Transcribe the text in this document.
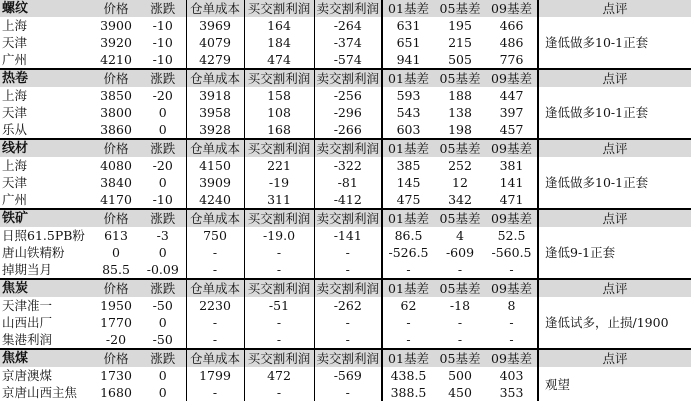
螺纹	价格	涨跌	仓单成本	买交割利润	卖交割利润	01基差	05基差	09基差	点评
上海	3900	-10	3969	164	-264	631	195	466	逢低做多10-1正套
天津	3920	-10	4079	184	-374	651	215	486	
广州	4210	-10	4279	474	-574	941	505	776	
热卷	价格	涨跌	仓单成本	买交割利润	卖交割利润	01基差	05基差	09基差	点评
上海	3850	-20	3918	158	-256	593	188	447	逢低做多10-1正套
天津	3800	0	3958	108	-296	543	138	397	
乐从	3860	0	3928	168	-266	603	198	457	
线材	价格	涨跌	仓单成本	买交割利润	卖交割利润	01基差	05基差	09基差	点评
上海	4080	-20	4150	221	-322	385	252	381	逢低做多10-1正套
天津	3840	0	3909	-19	-81	145	12	141	
广州	4170	-10	4240	311	-412	475	342	471	
铁矿	价格	涨跌	仓单成本	买交割利润	卖交割利润	01基差	05基差	09基差	点评
日照61.5PB粉	613	-3	750	-19.0	-141	86.5	4	52.5	逢低9-1正套
唐山铁精粉	0	0	-	-	-	-526.5	-609	-560.5	
掉期当月	85.5	-0.09	-	-	-	-	-	-	
焦炭	价格	涨跌	仓单成本	买交割利润	卖交割利润	01基差	05基差	09基差	点评
天津准一	1950	-50	2230	-51	-262	62	-18	8	逢低试多，止损/1900
山西出厂	1770	0	-	-	-	-	-	-	
集港利润	-20	-50	-	-	-	-	-	-	
焦煤	价格	涨跌	仓单成本	买交割利润	卖交割利润	01基差	05基差	09基差	点评
京唐澳煤	1730	0	1799	472	-569	438.5	500	403	观望
京唐山西主焦	1680	0	-	-	-	388.5	450	353	
